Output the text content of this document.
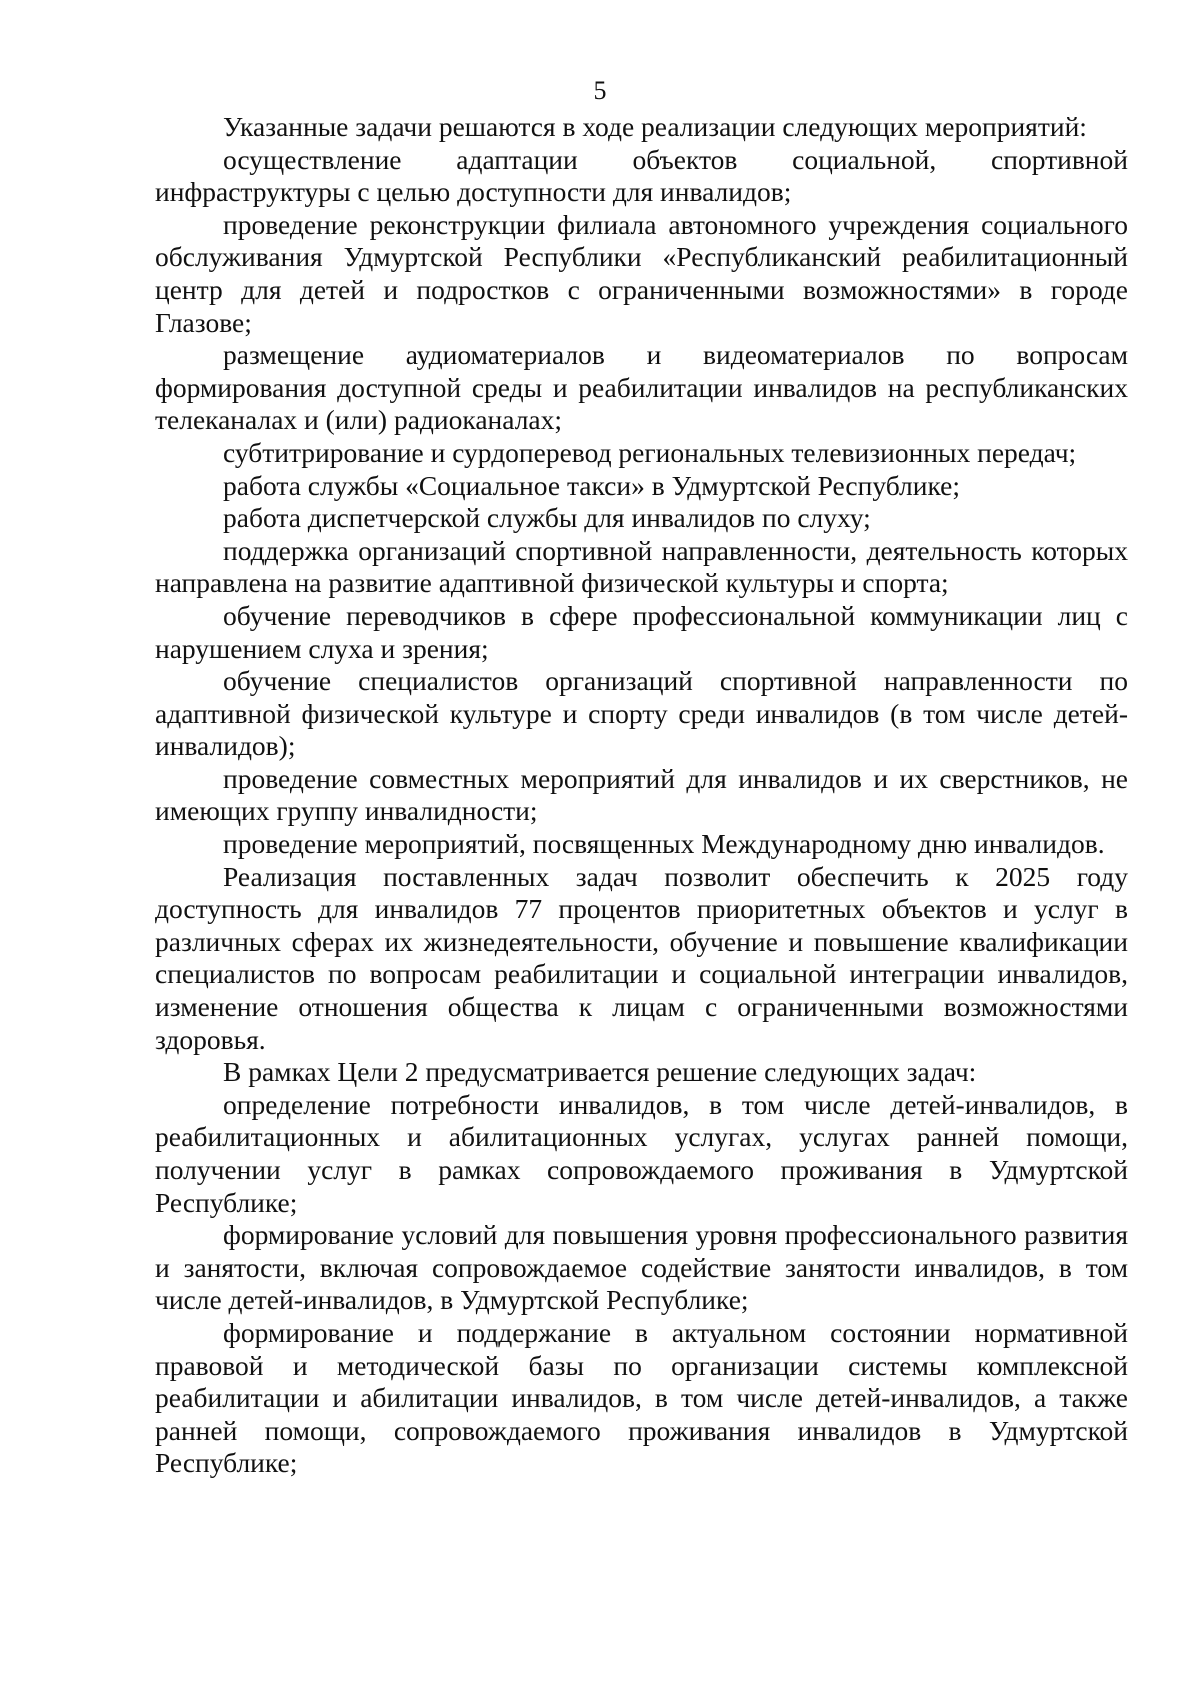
5

Указанные задачи решаются в ходе реализации следующих мероприятий:

осуществление адаптации объектов социальной, спортивной инфраструктуры с целью доступности для инвалидов;

проведение реконструкции филиала автономного учреждения социального обслуживания Удмуртской Республики «Республиканский реабилитационный центр для детей и подростков с ограниченными возможностями» в городе Глазове;

размещение аудиоматериалов и видеоматериалов по вопросам формирования доступной среды и реабилитации инвалидов на республиканских телеканалах и (или) радиоканалах;

субтитрирование и сурдоперевод региональных телевизионных передач;

работа службы «Социальное такси» в Удмуртской Республике;

работа диспетчерской службы для инвалидов по слуху;

поддержка организаций спортивной направленности, деятельность которых направлена на развитие адаптивной физической культуры и спорта;

обучение переводчиков в сфере профессиональной коммуникации лиц с нарушением слуха и зрения;

обучение специалистов организаций спортивной направленности по адаптивной физической культуре и спорту среди инвалидов (в том числе детей-инвалидов);

проведение совместных мероприятий для инвалидов и их сверстников, не имеющих группу инвалидности;

проведение мероприятий, посвященных Международному дню инвалидов.

Реализация поставленных задач позволит обеспечить к 2025 году доступность для инвалидов 77 процентов приоритетных объектов и услуг в различных сферах их жизнедеятельности, обучение и повышение квалификации специалистов по вопросам реабилитации и социальной интеграции инвалидов, изменение отношения общества к лицам с ограниченными возможностями здоровья.

В рамках Цели 2 предусматривается решение следующих задач:

определение потребности инвалидов, в том числе детей-инвалидов, в реабилитационных и абилитационных услугах, услугах ранней помощи, получении услуг в рамках сопровождаемого проживания в Удмуртской Республике;

формирование условий для повышения уровня профессионального развития и занятости, включая сопровождаемое содействие занятости инвалидов, в том числе детей-инвалидов, в Удмуртской Республике;

формирование и поддержание в актуальном состоянии нормативной правовой и методической базы по организации системы комплексной реабилитации и абилитации инвалидов, в том числе детей-инвалидов, а также ранней помощи, сопровождаемого проживания инвалидов в Удмуртской Республике;
